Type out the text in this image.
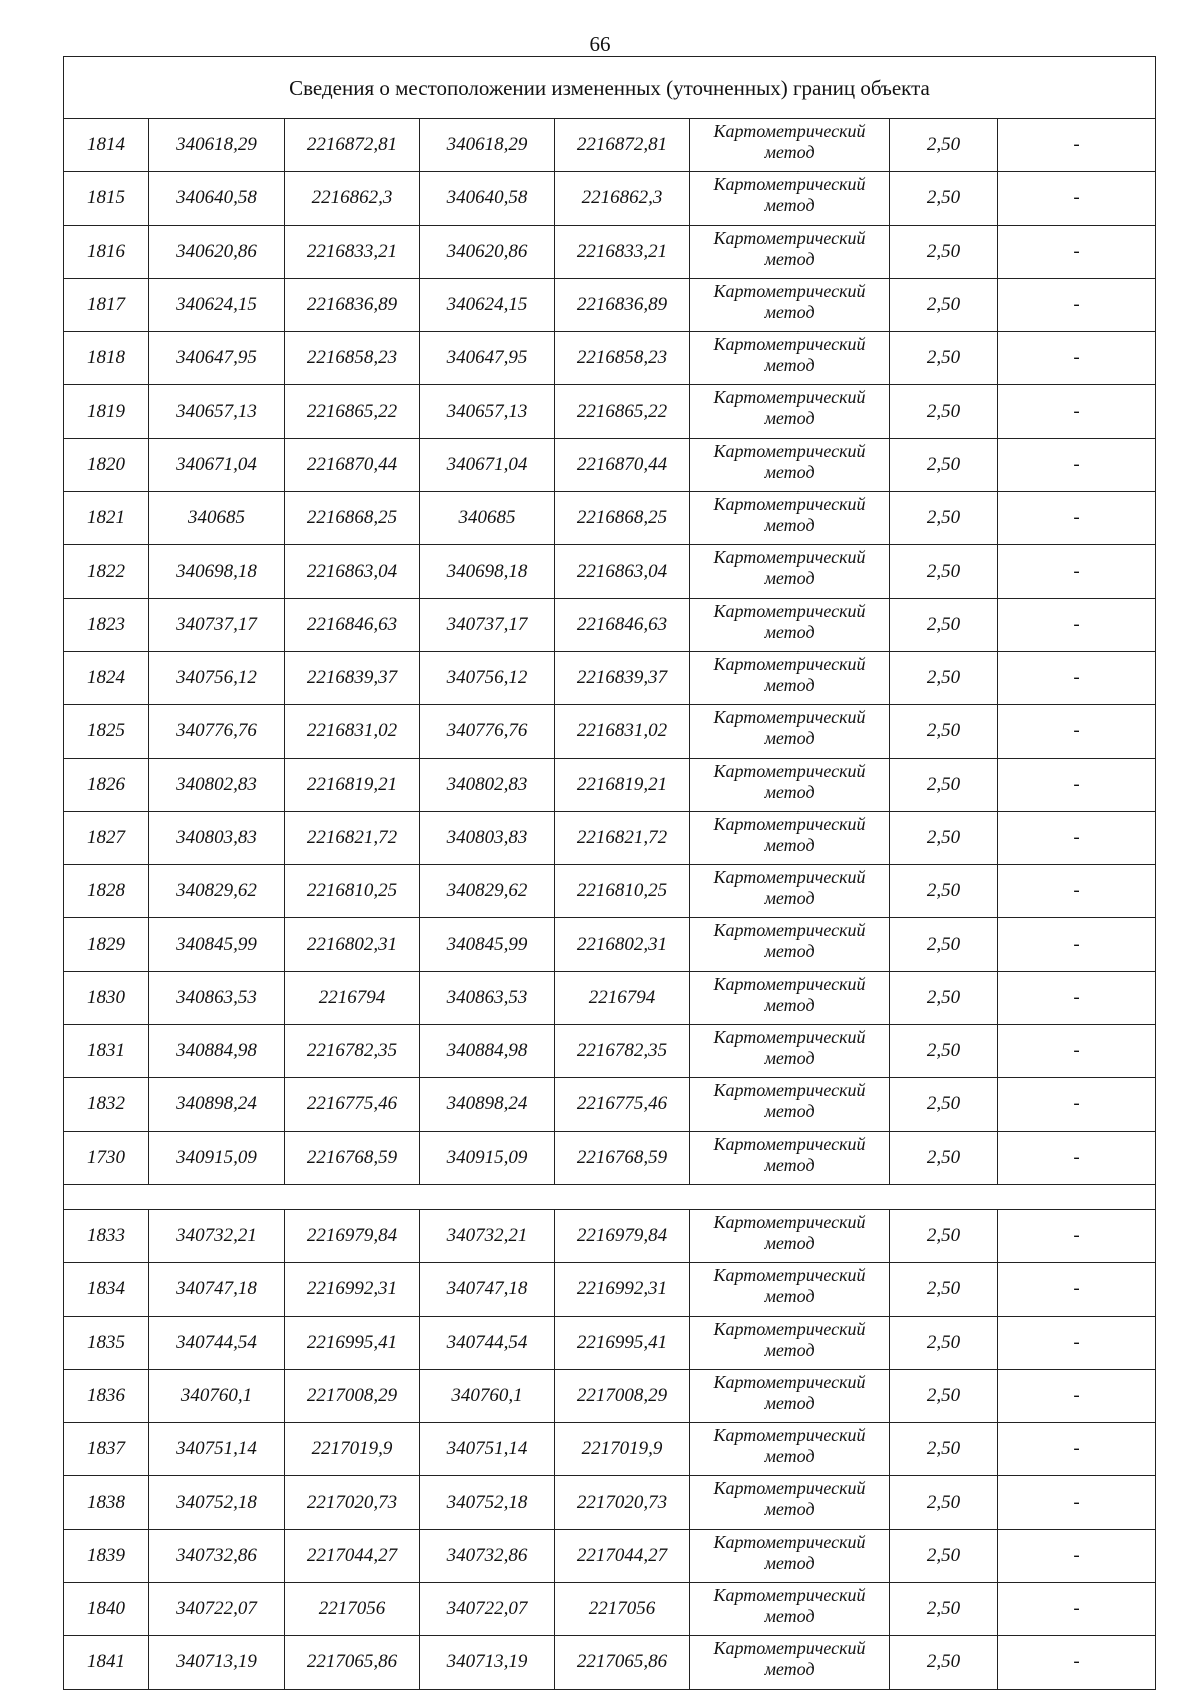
66
Сведения о местоположении измененных (уточненных) границ объекта							
1814	340618,29	2216872,81	340618,29	2216872,81	Картометрический метод	2,50	-
1815	340640,58	2216862,3	340640,58	2216862,3	Картометрический метод	2,50	-
1816	340620,86	2216833,21	340620,86	2216833,21	Картометрический метод	2,50	-
1817	340624,15	2216836,89	340624,15	2216836,89	Картометрический метод	2,50	-
1818	340647,95	2216858,23	340647,95	2216858,23	Картометрический метод	2,50	-
1819	340657,13	2216865,22	340657,13	2216865,22	Картометрический метод	2,50	-
1820	340671,04	2216870,44	340671,04	2216870,44	Картометрический метод	2,50	-
1821	340685	2216868,25	340685	2216868,25	Картометрический метод	2,50	-
1822	340698,18	2216863,04	340698,18	2216863,04	Картометрический метод	2,50	-
1823	340737,17	2216846,63	340737,17	2216846,63	Картометрический метод	2,50	-
1824	340756,12	2216839,37	340756,12	2216839,37	Картометрический метод	2,50	-
1825	340776,76	2216831,02	340776,76	2216831,02	Картометрический метод	2,50	-
1826	340802,83	2216819,21	340802,83	2216819,21	Картометрический метод	2,50	-
1827	340803,83	2216821,72	340803,83	2216821,72	Картометрический метод	2,50	-
1828	340829,62	2216810,25	340829,62	2216810,25	Картометрический метод	2,50	-
1829	340845,99	2216802,31	340845,99	2216802,31	Картометрический метод	2,50	-
1830	340863,53	2216794	340863,53	2216794	Картометрический метод	2,50	-
1831	340884,98	2216782,35	340884,98	2216782,35	Картометрический метод	2,50	-
1832	340898,24	2216775,46	340898,24	2216775,46	Картометрический метод	2,50	-
1730	340915,09	2216768,59	340915,09	2216768,59	Картометрический метод	2,50	-

1833	340732,21	2216979,84	340732,21	2216979,84	Картометрический метод	2,50	-
1834	340747,18	2216992,31	340747,18	2216992,31	Картометрический метод	2,50	-
1835	340744,54	2216995,41	340744,54	2216995,41	Картометрический метод	2,50	-
1836	340760,1	2217008,29	340760,1	2217008,29	Картометрический метод	2,50	-
1837	340751,14	2217019,9	340751,14	2217019,9	Картометрический метод	2,50	-
1838	340752,18	2217020,73	340752,18	2217020,73	Картометрический метод	2,50	-
1839	340732,86	2217044,27	340732,86	2217044,27	Картометрический метод	2,50	-
1840	340722,07	2217056	340722,07	2217056	Картометрический метод	2,50	-
1841	340713,19	2217065,86	340713,19	2217065,86	Картометрический метод	2,50	-
